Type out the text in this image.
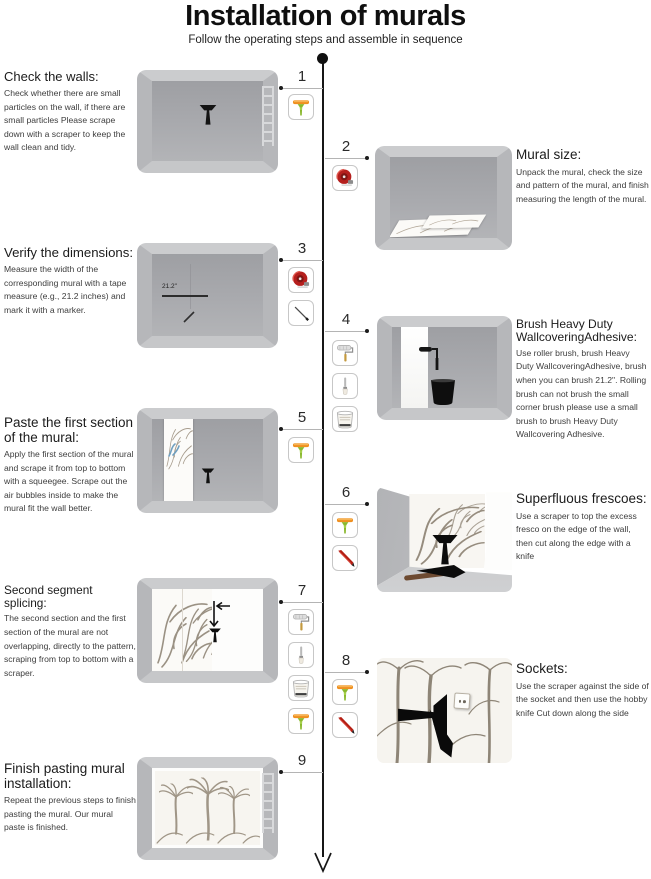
Installation of murals
Follow the operating steps and assemble in sequence
1
Check the walls:

Check whether there are small particles on the wall, if there are small particles Please scrape down with a scraper to keep the wall clean and tidy.	2	Mural size:

Unpack the mural, check the size and pattern of the mural, and finish measuring the length of the mural.

3
21.2"
Verify the dimensions:

Measure the width of the corresponding mural with a tape measure (e.g., 21.2 inches) and mark it with a marker.

4	Brush Heavy Duty WallcoveringAdhesive:

Use roller brush, brush Heavy Duty WallcoveringAdhesive, brush when you can brush 21.2". Rolling brush can not brush the small corner brush please use a small brush to brush Heavy Duty Wallcovering Adhesive.

5
Paste the first section of the mural:

Apply the first section of the mural and scrape it from top to bottom with a squeegee. Scrape out the air bubbles inside to make the mural fit the wall better.

6	Superfluous frescoes:

Use a scraper to top the excess fresco on the edge of the wall, then cut along the edge with a knife

7
Second segment splicing:

The second section and the first section of the mural are not overlapping, directly to the pattern, scraping from top to bottom with a scraper.

8	Sockets:

Use the scraper against the side of the socket and then use the hobby knife Cut down along the side

9
Finish pasting mural installation:

Repeat the previous steps to finish pasting the mural. Our mural paste is finished.
